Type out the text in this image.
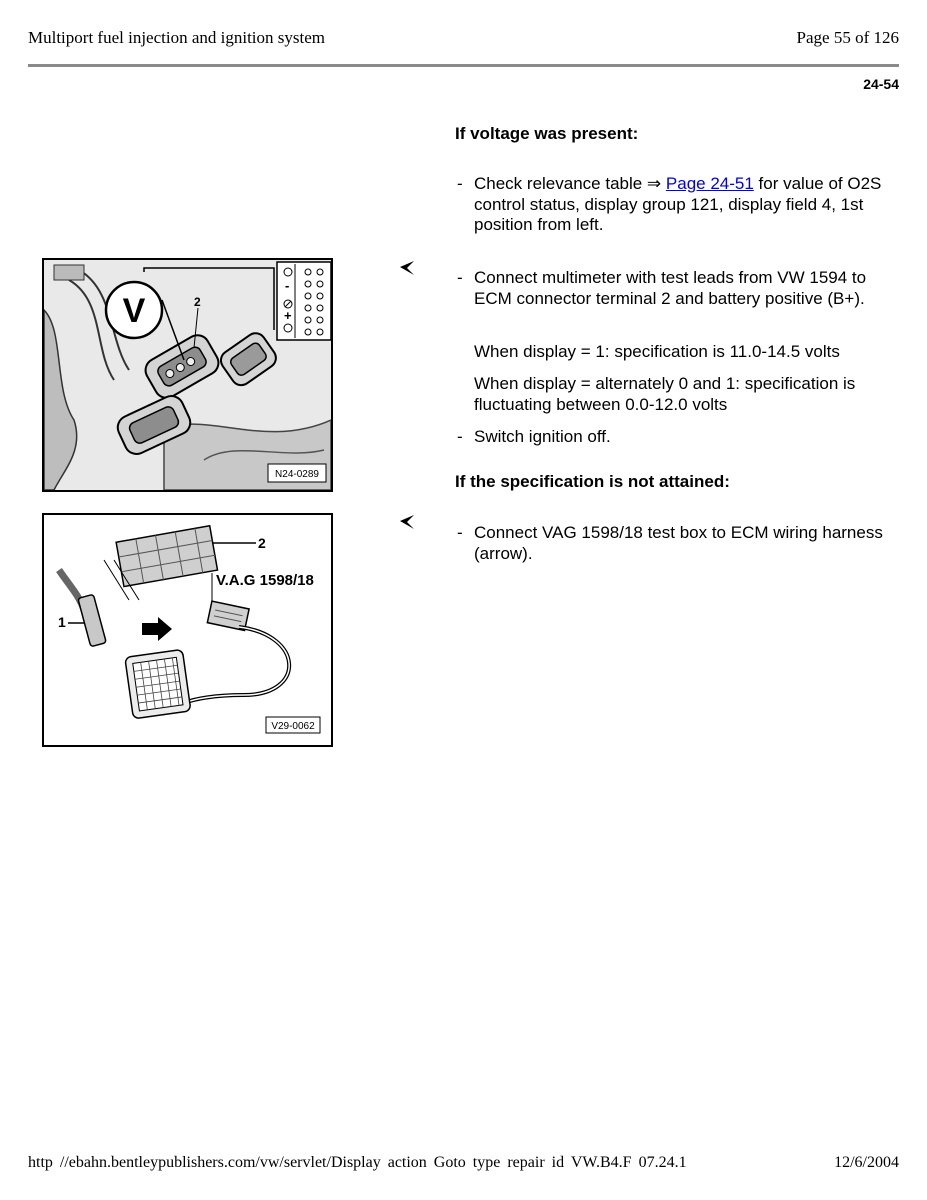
Multiport fuel injection and ignition system	Page 55 of 126
24-54
If voltage was present:
- Check relevance table ⇒ Page 24-51 for value of O2S control status, display group 121, display field 4, 1st position from left.
- Connect multimeter with test leads from VW 1594 to ECM connector terminal 2 and battery positive (B+).
When display = 1: specification is 11.0-14.5 volts
When display = alternately 0 and 1: specification is fluctuating between 0.0-12.0 volts
- Switch ignition off.
If the specification is not attained:
- Connect VAG 1598/18 test box to ECM wiring harness (arrow).
V	2
-
+
N24-0289
2
1
V.A.G 1598/18
V29-0062
http //ebahn.bentleypublishers.com/vw/servlet/Display action Goto type repair id VW.B4.F 07.24.1	12/6/2004
